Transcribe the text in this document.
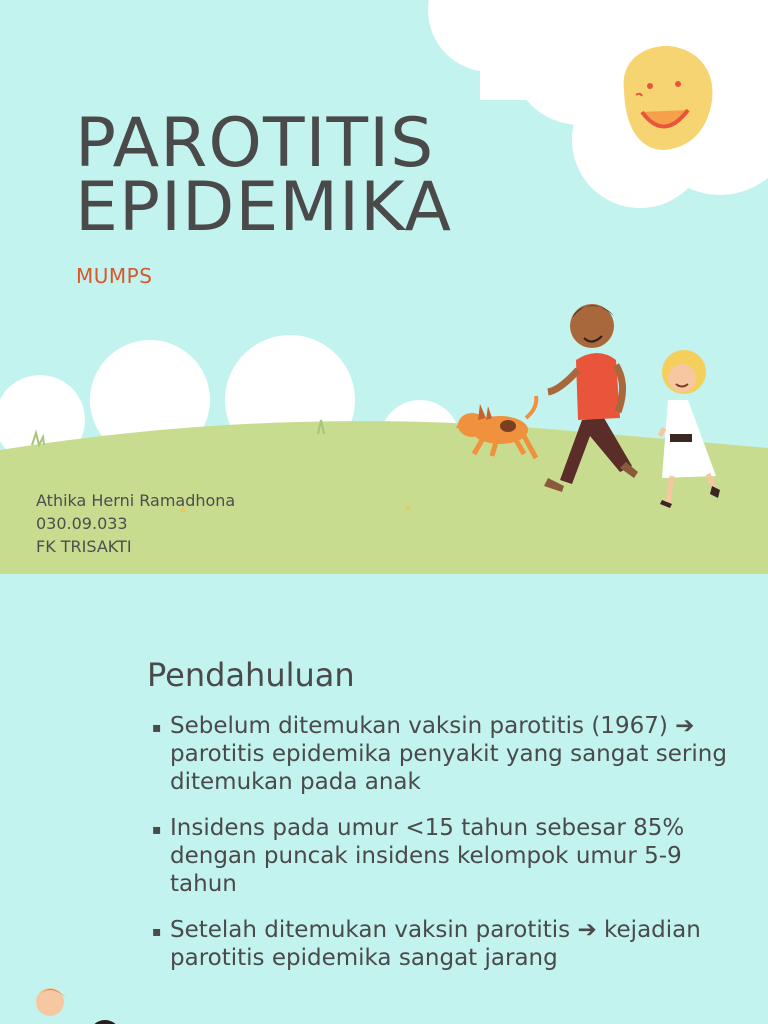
PAROTITIS
EPIDEMIKA

MUMPS

Athika Herni Ramadhona
030.09.033
FK TRISAKTI
Pendahuluan
▪ Sebelum ditemukan vaksin parotitis (1967) ➔ parotitis epidemika penyakit yang sangat sering ditemukan pada anak
▪ Insidens pada umur <15 tahun sebesar 85% dengan puncak insidens kelompok umur 5-9 tahun
▪ Setelah ditemukan vaksin parotitis ➔ kejadian parotitis epidemika sangat jarang
